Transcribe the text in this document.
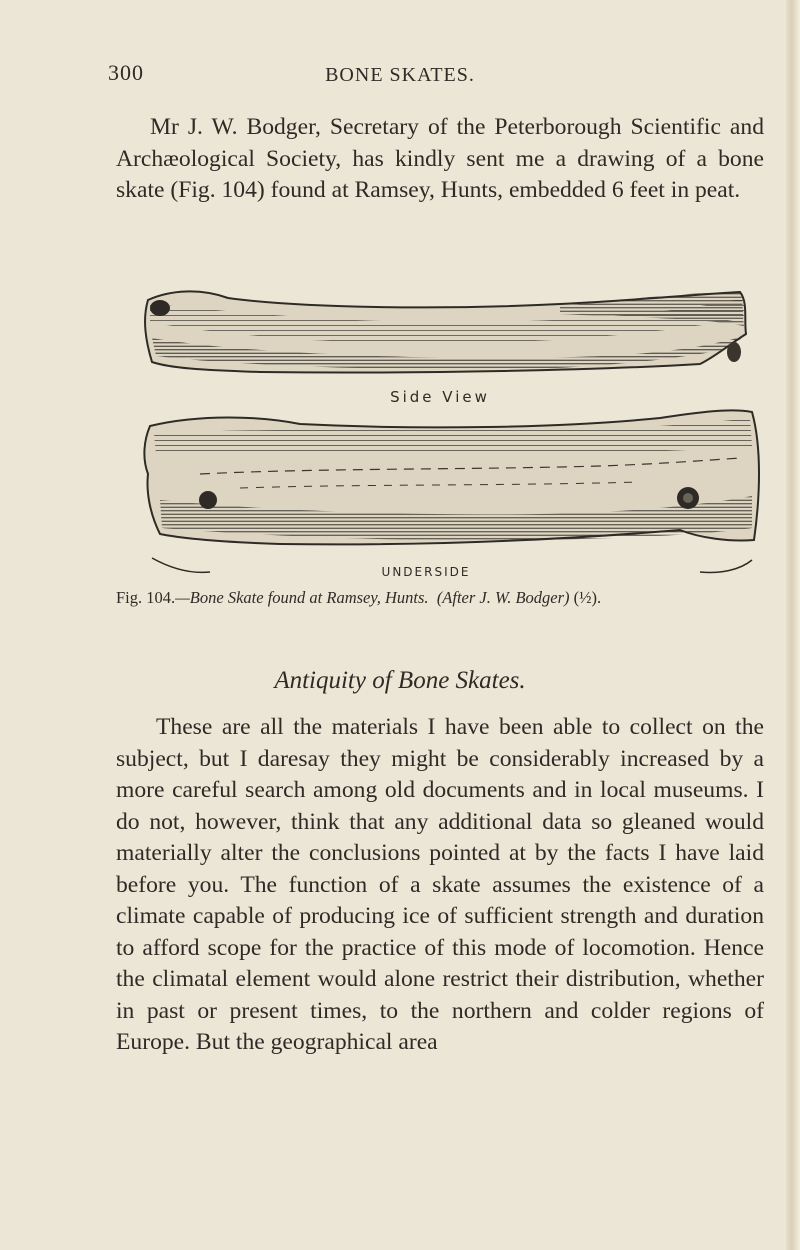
300	BONE SKATES.

Mr J. W. Bodger, Secretary of the Peterborough Scientific and Archæological Society, has kindly sent me a drawing of a bone skate (Fig. 104) found at Ramsey, Hunts, embedded 6 feet in peat.

Side View
UNDERSIDE
Fig. 104.—Bone Skate found at Ramsey, Hunts. (After J. W. Bodger) (½).
Antiquity of Bone Skates.

These are all the materials I have been able to collect on the subject, but I daresay they might be considerably increased by a more careful search among old documents and in local museums. I do not, however, think that any additional data so gleaned would materially alter the conclusions pointed at by the facts I have laid before you. The function of a skate assumes the existence of a climate capable of producing ice of sufficient strength and duration to afford scope for the practice of this mode of locomotion. Hence the climatal element would alone restrict their distribution, whether in past or present times, to the northern and colder regions of Europe. But the geographical area
